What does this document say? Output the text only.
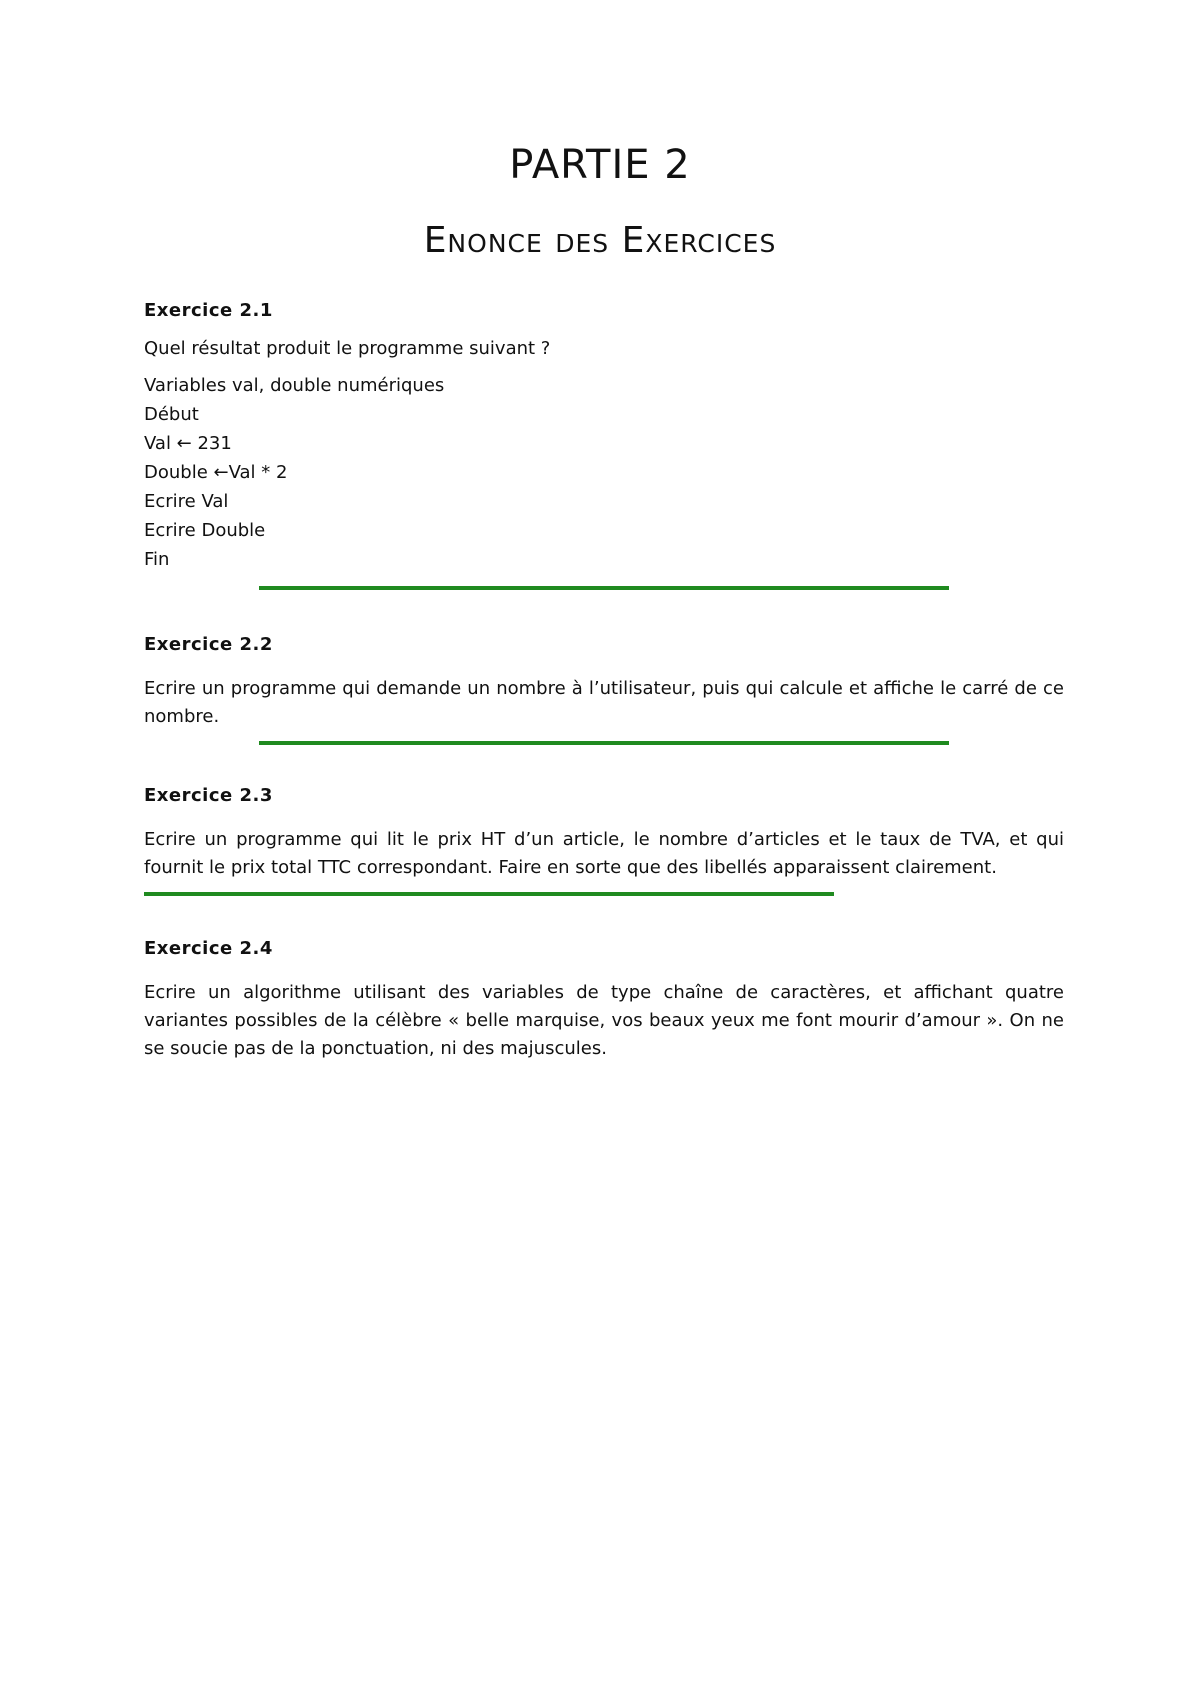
PARTIE 2
Enonce des Exercices

Exercice 2.1

Quel résultat produit le programme suivant ?

Variables val, double numériques
Début
Val ← 231
Double ←Val * 2
Ecrire Val
Ecrire Double
Fin

Exercice 2.2

Ecrire un programme qui demande un nombre à l’utilisateur, puis qui calcule et affiche le carré de ce nombre.

Exercice 2.3

Ecrire un programme qui lit le prix HT d’un article, le nombre d’articles et le taux de TVA, et qui fournit le prix total TTC correspondant. Faire en sorte que des libellés apparaissent clairement.

Exercice 2.4

Ecrire un algorithme utilisant des variables de type chaîne de caractères, et affichant quatre variantes possibles de la célèbre « belle marquise, vos beaux yeux me font mourir d’amour ». On ne se soucie pas de la ponctuation, ni des majuscules.
